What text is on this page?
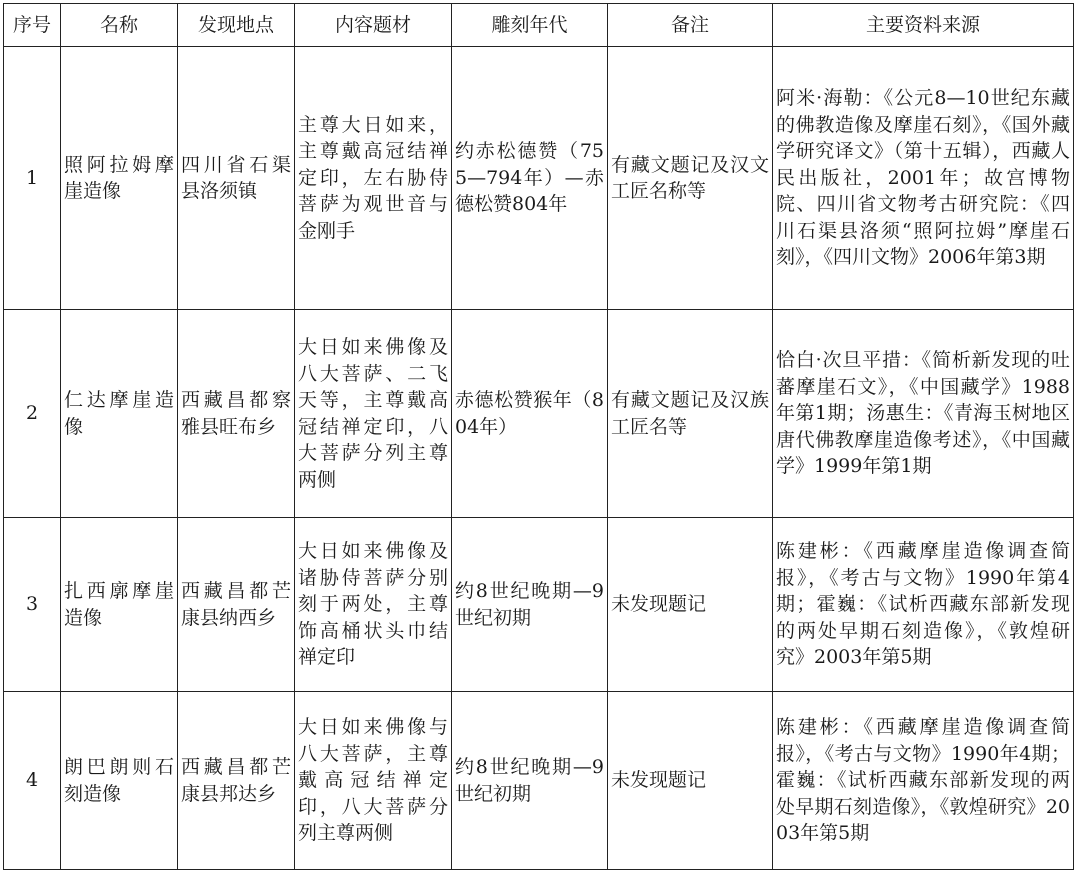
序号	名称	发现地点	内容题材	雕刻年代	备注	主要资料来源
1	照阿拉姆摩崖造像	四川省石渠县洛须镇	主尊大日如来，主尊戴高冠结禅定印，左右胁侍菩萨为观世音与金刚手	约赤松德赞（755—794年）—赤德松赞804年	有藏文题记及汉文工匠名称等	阿米·海勒：《公元8—10世纪东藏的佛教造像及摩崖石刻》，《国外藏学研究译文》（第十五辑），西藏人民出版社，2001年；故宫博物院、四川省文物考古研究院：《四川石渠县洛须“照阿拉姆”摩崖石刻》，《四川文物》2006年第3期
2	仁达摩崖造像	西藏昌都察雅县旺布乡	大日如来佛像及八大菩萨、二飞天等，主尊戴高冠结禅定印，八大菩萨分列主尊两侧	赤德松赞猴年（804年）	有藏文题记及汉族工匠名等	恰白·次旦平措：《简析新发现的吐蕃摩崖石文》，《中国藏学》1988年第1期；汤惠生：《青海玉树地区唐代佛教摩崖造像考述》，《中国藏学》1999年第1期
3	扎西廓摩崖造像	西藏昌都芒康县纳西乡	大日如来佛像及诸胁侍菩萨分别刻于两处，主尊饰高桶状头巾结禅定印	约8世纪晚期—9世纪初期	未发现题记	陈建彬：《西藏摩崖造像调查简报》，《考古与文物》1990年第4期；霍巍：《试析西藏东部新发现的两处早期石刻造像》，《敦煌研究》2003年第5期
4	朗巴朗则石刻造像	西藏昌都芒康县邦达乡	大日如来佛像与八大菩萨，主尊戴高冠结禅定印，八大菩萨分列主尊两侧	约8世纪晚期—9世纪初期	未发现题记	陈建彬：《西藏摩崖造像调查简报》，《考古与文物》1990年4期；霍巍：《试析西藏东部新发现的两处早期石刻造像》，《敦煌研究》2003年第5期
